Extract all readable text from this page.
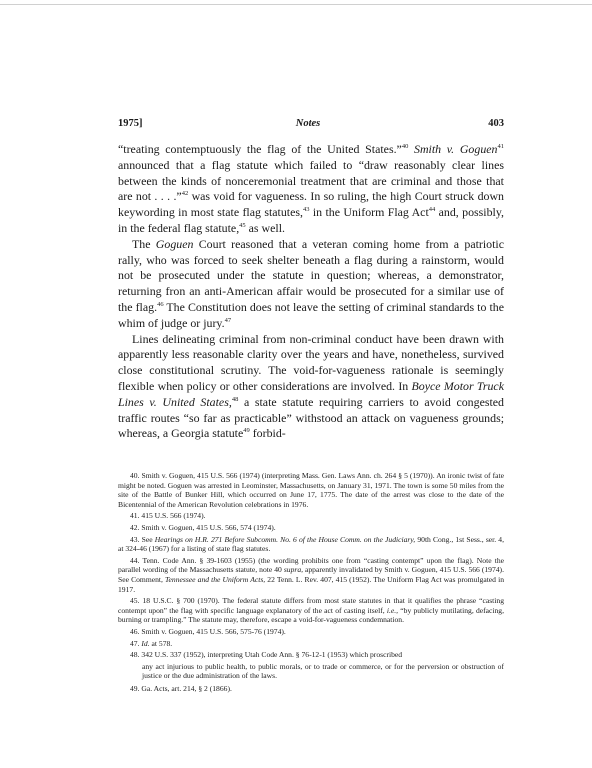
1975]	Notes	403

“treating contemptuously the flag of the United States.”$^{40}$ Smith v. Goguen$^{41}$ announced that a flag statute which failed to “draw reasonably clear lines between the kinds of nonceremonial treatment that are criminal and those that are not . . . .”$^{42}$ was void for vagueness. In so ruling, the high Court struck down keywording in most state flag statutes,$^{43}$ in the Uniform Flag Act$^{44}$ and, possibly, in the federal flag statute,$^{45}$ as well.

The Goguen Court reasoned that a veteran coming home from a patriotic rally, who was forced to seek shelter beneath a flag during a rainstorm, would not be prosecuted under the statute in question; whereas, a demonstrator, returning fron an anti-American affair would be prosecuted for a similar use of the flag.$^{46}$ The Constitution does not leave the setting of criminal standards to the whim of judge or jury.$^{47}$

Lines delineating criminal from non-criminal conduct have been drawn with apparently less reasonable clarity over the years and have, nonetheless, survived close constitutional scrutiny. The void-for-vagueness rationale is seemingly flexible when policy or other considerations are involved. In Boyce Motor Truck Lines v. United States,$^{48}$ a state statute requiring carriers to avoid congested traffic routes “so far as practicable” withstood an attack on vagueness grounds; whereas, a Georgia statute$^{49}$ forbid-

40. Smith v. Goguen, 415 U.S. 566 (1974) (interpreting Mass. Gen. Laws Ann. ch. 264 § 5 (1970)). An ironic twist of fate might be noted. Goguen was arrested in Leominster, Massachusetts, on January 31, 1971. The town is some 50 miles from the site of the Battle of Bunker Hill, which occurred on June 17, 1775. The date of the arrest was close to the date of the Bicentennial of the American Revolution celebrations in 1976.

41. 415 U.S. 566 (1974).

42. Smith v. Goguen, 415 U.S. 566, 574 (1974).

43. See Hearings on H.R. 271 Before Subcomm. No. 6 of the House Comm. on the Judiciary, 90th Cong., 1st Sess., ser. 4, at 324-46 (1967) for a listing of state flag statutes.

44. Tenn. Code Ann. § 39-1603 (1955) (the wording prohibits one from “casting contempt” upon the flag). Note the parallel wording of the Massachusetts statute, note 40 supra, apparently invalidated by Smith v. Goguen, 415 U.S. 566 (1974). See Comment, Tennessee and the Uniform Acts, 22 Tenn. L. Rev. 407, 415 (1952). The Uniform Flag Act was promulgated in 1917.

45. 18 U.S.C. § 700 (1970). The federal statute differs from most state statutes in that it qualifies the phrase “casting contempt upon” the flag with specific language explanatory of the act of casting itself, i.e., “by publicly mutilating, defacing, burning or trampling.” The statute may, therefore, escape a void-for-vagueness condemnation.

46. Smith v. Goguen, 415 U.S. 566, 575-76 (1974).

47. Id. at 578.

48. 342 U.S. 337 (1952), interpreting Utah Code Ann. § 76-12-1 (1953) which proscribed

any act injurious to public health, to public morals, or to trade or commerce, or for the perversion or obstruction of justice or the due administration of the laws.

49. Ga. Acts, art. 214, § 2 (1866).
